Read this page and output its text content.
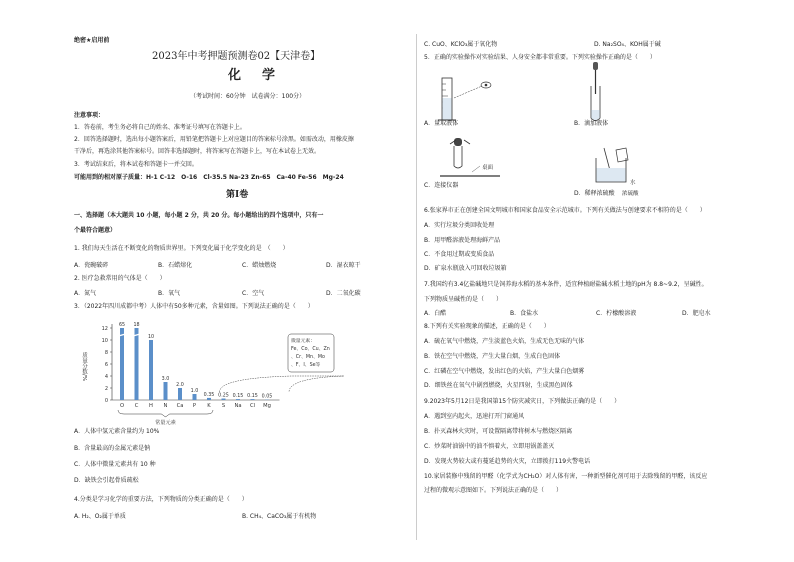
绝密★启用前
2023年中考押题预测卷02【天津卷】
化　学
（考试时间：60分钟　试卷满分：100分）
注意事项：
1．答卷前，考生务必将自己的姓名、准考证号填写在答题卡上。
2．回答选择题时，选出每小题答案后，用铅笔把答题卡上对应题目的答案标号涂黑。如需改动，用橡皮擦
干净后，再选涂其他答案标号。回答非选择题时，将答案写在答题卡上，写在本试卷上无效。
3．考试结束后，将本试卷和答题卡一并交回。
可能用到的相对原子质量：H-1 C-12　O-16　Cl-35.5 Na-23 Zn-65　Ca-40 Fe-56　Mg-24
第Ⅰ卷
一、选择题（本大题共 10 小题，每小题 2 分，共 20 分。每小题给出的四个选项中，只有一
个最符合题意）
1. 我们每天生活在不断变化的物质世界里。下列变化属于化学变化的是　（　　）
A．瓷碗破碎	B．石蜡熔化	C．蜡烛燃烧	D．湿衣晾干
2. 医疗急救常用的气体是（　　）
A．氮气	B．氧气	C．空气	D．二氧化碳
3．（2022年四川成都中考）人体中有50多种元素，含量如图。下列说法正确的是（　　）
质量分数/%
0
2
4
6
8
10
12
65
O
18
C
10
H
3.0
N
2.0
Ca
1.0
P
0.35
K
0.25
S
0.15
Na
0.15
Cl
0.05
Mg
常量元素
微量元素：
Fe、Co、Cu、Zn
、Cr、Mn、Mo
、F、I、Se等
A．人体中氢元素含量约为 10%
B．含量最高的金属元素是钠
C．人体中微量元素共有 10 种
D．缺铁会引起骨质疏松
4.分类是学习化学的重要方法，下列物质的分类正确的是（　　）
A. H₂、O₂属于单质	B. CH₄、CaCO₃属于有机物
C. CuO、KClO₃属于氧化物	D. Na₂SO₄、KOH属于碱
5．正确的实验操作对实验结果、人身安全都非常重要。下列实验操作正确的是（　　）
A．量取液体	B．滴加液体
桌面
C．连接仪器	水
D．稀释浓硫酸 浓硫酸
6.张家界市正在创建全国文明城市和国家食品安全示范城市。下列有关做法与创建要求不相符的是（　　）
A．实行垃圾分类回收处理
B．用甲醛溶液处理海鲜产品
C．不食用过期或变质食品
D．矿泉水瓶放入可回收垃圾箱
7.我国约有3.4亿盐碱地只是饲养海水稻的基本条件，适宜种植耐盐碱水稻土地的pH为 8.8~9.2，呈碱性。
下列物质呈碱性的是（　　）
A．白醋	B．食盐水	C．柠檬酸溶液	D．肥皂水
8.下列有关实验现象的描述，正确的是（　　）
A．硫在氧气中燃烧，产生淡蓝色火焰，生成无色无味的气体
B．铁在空气中燃烧，产生大量白烟，生成白色固体
C．红磷在空气中燃烧，发出红色的火焰，产生大量白色烟雾
D．细铁丝在氧气中剧烈燃烧，火星四射，生成黑色固体
9.2023年5月12日是我国第15个防灾减灾日，下列做法正确的是（　　）
A．遇到室内起火，迅速打开门窗通风
B．扑灭森林火灾时，可设置隔离带将树木与燃烧区隔离
C．炒菜时油锅中的油不慎着火，立即用锅盖盖灭
D．发现火势较大或有蔓延趋势的火灾，立即拨打119火警电话
10.家居装修中残留的甲醛（化学式为CH₂O）对人体有害，一种新型催化剂可用于去除残留的甲醛，该反应
过程的微观示意图如下。下列说法正确的是（　　）
